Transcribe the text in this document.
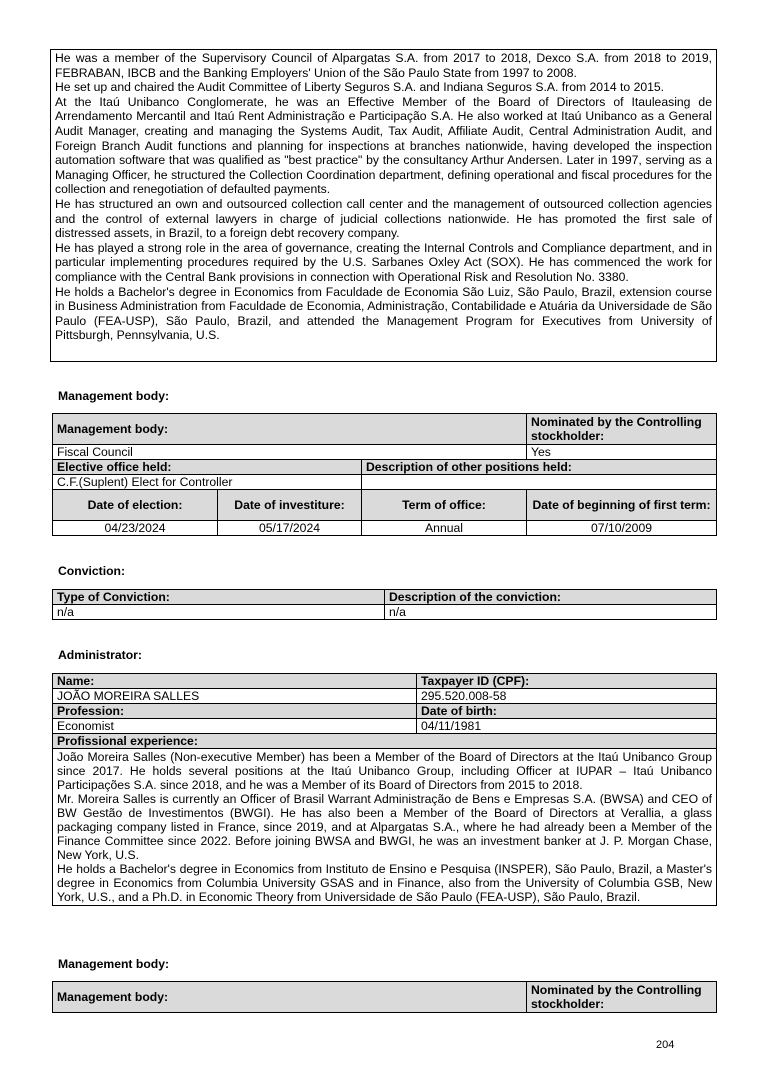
He was a member of the Supervisory Council of Alpargatas S.A. from 2017 to 2018, Dexco S.A. from 2018 to 2019, FEBRABAN, IBCB and the Banking Employers' Union of the São Paulo State from 1997 to 2008.

He set up and chaired the Audit Committee of Liberty Seguros S.A. and Indiana Seguros S.A. from 2014 to 2015.

At the Itaú Unibanco Conglomerate, he was an Effective Member of the Board of Directors of Itauleasing de Arrendamento Mercantil and Itaú Rent Administração e Participação S.A. He also worked at Itaú Unibanco as a General Audit Manager, creating and managing the Systems Audit, Tax Audit, Affiliate Audit, Central Administration Audit, and Foreign Branch Audit functions and planning for inspections at branches nationwide, having developed the inspection automation software that was qualified as "best practice" by the consultancy Arthur Andersen. Later in 1997, serving as a Managing Officer, he structured the Collection Coordination department, defining operational and fiscal procedures for the collection and renegotiation of defaulted payments.

He has structured an own and outsourced collection call center and the management of outsourced collection agencies and the control of external lawyers in charge of judicial collections nationwide. He has promoted the first sale of distressed assets, in Brazil, to a foreign debt recovery company.

He has played a strong role in the area of governance, creating the Internal Controls and Compliance department, and in particular implementing procedures required by the U.S. Sarbanes Oxley Act (SOX). He has commenced the work for compliance with the Central Bank provisions in connection with Operational Risk and Resolution No. 3380.

He holds a Bachelor's degree in Economics from Faculdade de Economia São Luiz, São Paulo, Brazil, extension course in Business Administration from Faculdade de Economia, Administração, Contabilidade e Atuária da Universidade de São Paulo (FEA-USP), São Paulo, Brazil, and attended the Management Program for Executives from University of Pittsburgh, Pennsylvania, U.S.

Management body:
Management body:			Nominated by the Controlling stockholder:
Fiscal Council			Yes
Elective office held:		Description of other positions held:	
C.F.(Suplent) Elect for Controller			
Date of election:	Date of investiture:	Term of office:	Date of beginning of first term:
04/23/2024	05/17/2024	Annual	07/10/2009
Conviction:
Type of Conviction:	Description of the conviction:
n/a	n/a
Administrator:
Name:	Taxpayer ID (CPF):
JOÃO MOREIRA SALLES	295.520.008-58
Profession:	Date of birth:
Economist	04/11/1981
Profissional experience:	

João Moreira Salles (Non-executive Member) has been a Member of the Board of Directors at the Itaú Unibanco Group since 2017. He holds several positions at the Itaú Unibanco Group, including Officer at IUPAR – Itaú Unibanco Participações S.A. since 2018, and he was a Member of its Board of Directors from 2015 to 2018.

Mr. Moreira Salles is currently an Officer of Brasil Warrant Administração de Bens e Empresas S.A. (BWSA) and CEO of BW Gestão de Investimentos (BWGI). He has also been a Member of the Board of Directors at Verallia, a glass packaging company listed in France, since 2019, and at Alpargatas S.A., where he had already been a Member of the Finance Committee since 2022. Before joining BWSA and BWGI, he was an investment banker at J. P. Morgan Chase, New York, U.S.

He holds a Bachelor's degree in Economics from Instituto de Ensino e Pesquisa (INSPER), São Paulo, Brazil, a Master's degree in Economics from Columbia University GSAS and in Finance, also from the University of Columbia GSB, New York, U.S., and a Ph.D. in Economic Theory from Universidade de São Paulo (FEA-USP), São Paulo, Brazil.	

Management body:
Management body:	Nominated by the Controlling stockholder:
204
